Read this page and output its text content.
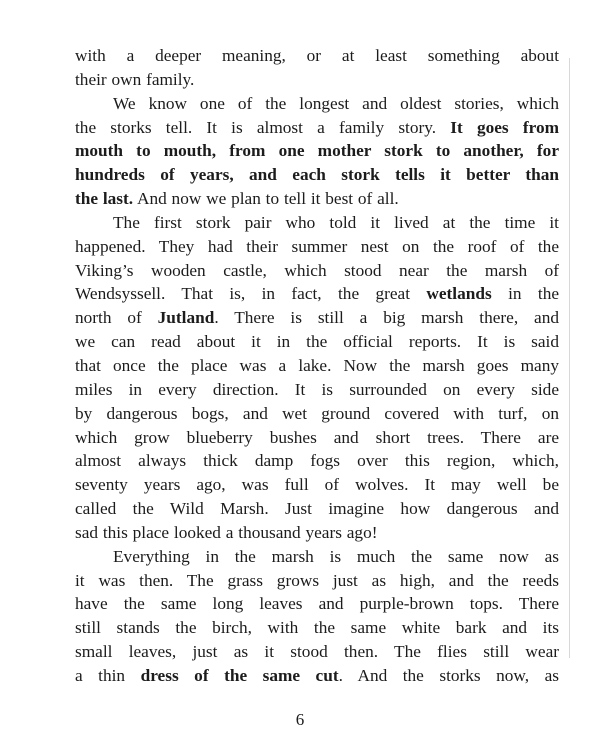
with a deeper meaning, or at least something about
their own family.
We know one of the longest and oldest stories, which
the storks tell. It is almost a family story. It goes from
mouth to mouth, from one mother stork to another, for
hundreds of years, and each stork tells it better than
the last. And now we plan to tell it best of all.
The first stork pair who told it lived at the time it
happened. They had their summer nest on the roof of the
Viking’s wooden castle, which stood near the marsh of
Wendsyssell. That is, in fact, the great wetlands in the
north of Jutland. There is still a big marsh there, and
we can read about it in the official reports. It is said
that once the place was a lake. Now the marsh goes many
miles in every direction. It is surrounded on every side
by dangerous bogs, and wet ground covered with turf, on
which grow blueberry bushes and short trees. There are
almost always thick damp fogs over this region, which,
seventy years ago, was full of wolves. It may well be
called the Wild Marsh. Just imagine how dangerous and
sad this place looked a thousand years ago!
Everything in the marsh is much the same now as
it was then. The grass grows just as high, and the reeds
have the same long leaves and purple-brown tops. There
still stands the birch, with the same white bark and its
small leaves, just as it stood then. The flies still wear
a thin dress of the same cut. And the storks now, as
6
